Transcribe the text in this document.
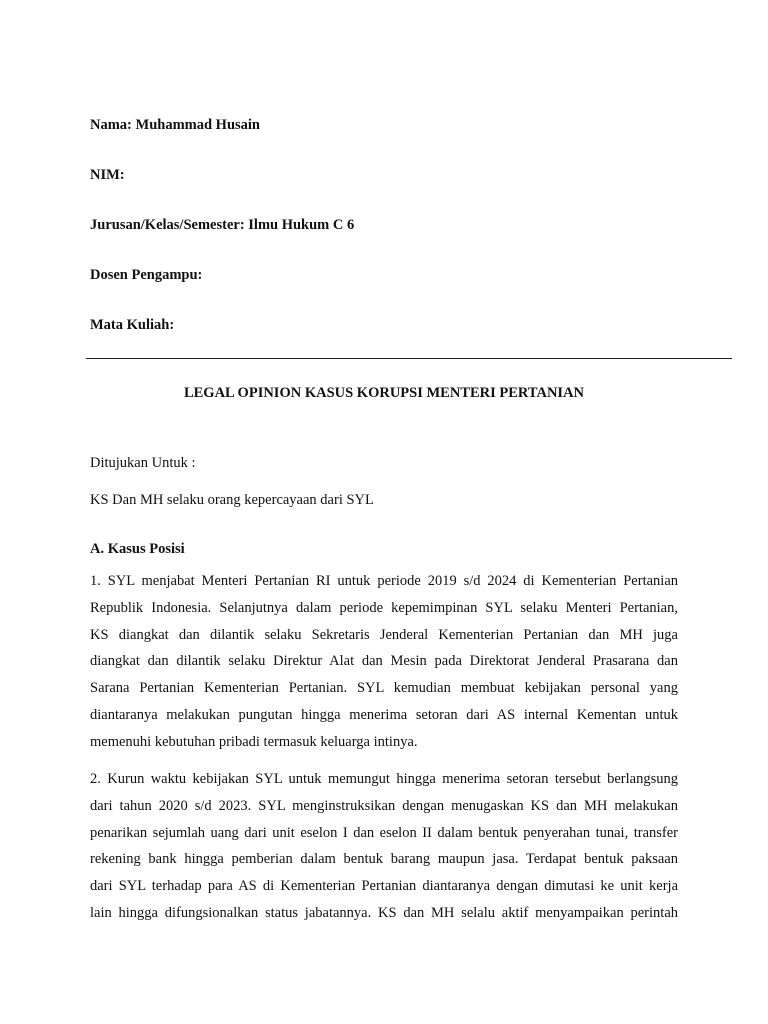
Nama: Muhammad Husain
NIM:
Jurusan/Kelas/Semester: Ilmu Hukum C 6
Dosen Pengampu:
Mata Kuliah:
LEGAL OPINION KASUS KORUPSI MENTERI PERTANIAN
Ditujukan Untuk :
KS Dan MH selaku orang kepercayaan dari SYL
A. Kasus Posisi
1. SYL menjabat Menteri Pertanian RI untuk periode 2019 s/d 2024 di Kementerian Pertanian
Republik Indonesia. Selanjutnya dalam periode kepemimpinan SYL selaku Menteri Pertanian,
KS diangkat dan dilantik selaku Sekretaris Jenderal Kementerian Pertanian dan MH juga
diangkat dan dilantik selaku Direktur Alat dan Mesin pada Direktorat Jenderal Prasarana dan
Sarana Pertanian Kementerian Pertanian. SYL kemudian membuat kebijakan personal yang
diantaranya melakukan pungutan hingga menerima setoran dari AS internal Kementan untuk
memenuhi kebutuhan pribadi termasuk keluarga intinya.
2. Kurun waktu kebijakan SYL untuk memungut hingga menerima setoran tersebut berlangsung
dari tahun 2020 s/d 2023. SYL menginstruksikan dengan menugaskan KS dan MH melakukan
penarikan sejumlah uang dari unit eselon I dan eselon II dalam bentuk penyerahan tunai, transfer
rekening bank hingga pemberian dalam bentuk barang maupun jasa. Terdapat bentuk paksaan
dari SYL terhadap para AS di Kementerian Pertanian diantaranya dengan dimutasi ke unit kerja
lain hingga difungsionalkan status jabatannya. KS dan MH selalu aktif menyampaikan perintah
